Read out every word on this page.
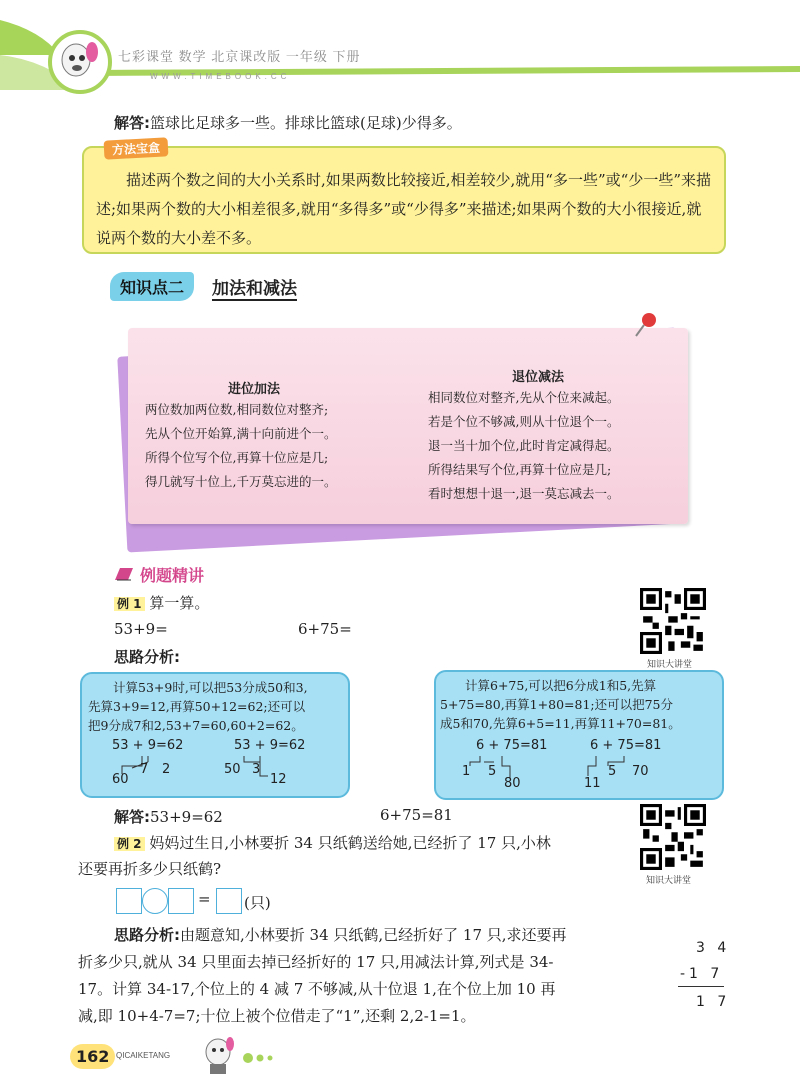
七彩课堂 数学 北京课改版 一年级 下册
WWW.TIMEBOOK.CC
解答:篮球比足球多一些。排球比篮球(足球)少得多。
方法宝盒
描述两个数之间的大小关系时,如果两数比较接近,相差较少,就用“多一些”或“少一些”来描述;如果两个数的大小相差很多,就用“多得多”或“少得多”来描述;如果两个数的大小很接近,就说两个数的大小差不多。
知识点二	加法和减法
进位加法
两位数加两位数,相同数位对整齐;
先从个位开始算,满十向前进个一。
所得个位写个位,再算十位应是几;
得几就写十位上,千万莫忘进的一。
退位减法
相同数位对整齐,先从个位来减起。
若是个位不够减,则从十位退个一。
退一当十加个位,此时肯定减得起。
所得结果写个位,再算十位应是几;
看时想想十退一,退一莫忘减去一。
例题精讲
例 1 算一算。
53+9=	6+75=
思路分析:	知识大讲堂
计算53+9时,可以把53分成50和3,
先算3+9=12,再算50+12=62;还可以
把9分成7和2,53+7=60,60+2=62。
53 + 9=62
60
7 2
53 + 9=62
50 3
12
计算6+75,可以把6分成1和5,先算
5+75=80,再算1+80=81;还可以把75分
成5和70,先算6+5=11,再算11+70=81。
6 + 75=81
1 5
80
6 + 75=81
11
5 70
解答:53+9=62	6+75=81
例 2 妈妈过生日,小林要折 34 只纸鹤送给她,已经折了 17 只,小林
还要再折多少只纸鹤?
知识大讲堂
= (只)
思路分析:由题意知,小林要折 34 只纸鹤,已经折好了 17 只,求还要再
折多少只,就从 34 只里面去掉已经折好的 17 只,用减法计算,列式是 34-
17。计算 34-17,个位上的 4 减 7 不够减,从十位退 1,在个位上加 10 再
减,即 10+4-7=7;十位上被个位借走了“1”,还剩 2,2-1=1。
3 4
-1 7
1 7
162 QICAIKETANG
